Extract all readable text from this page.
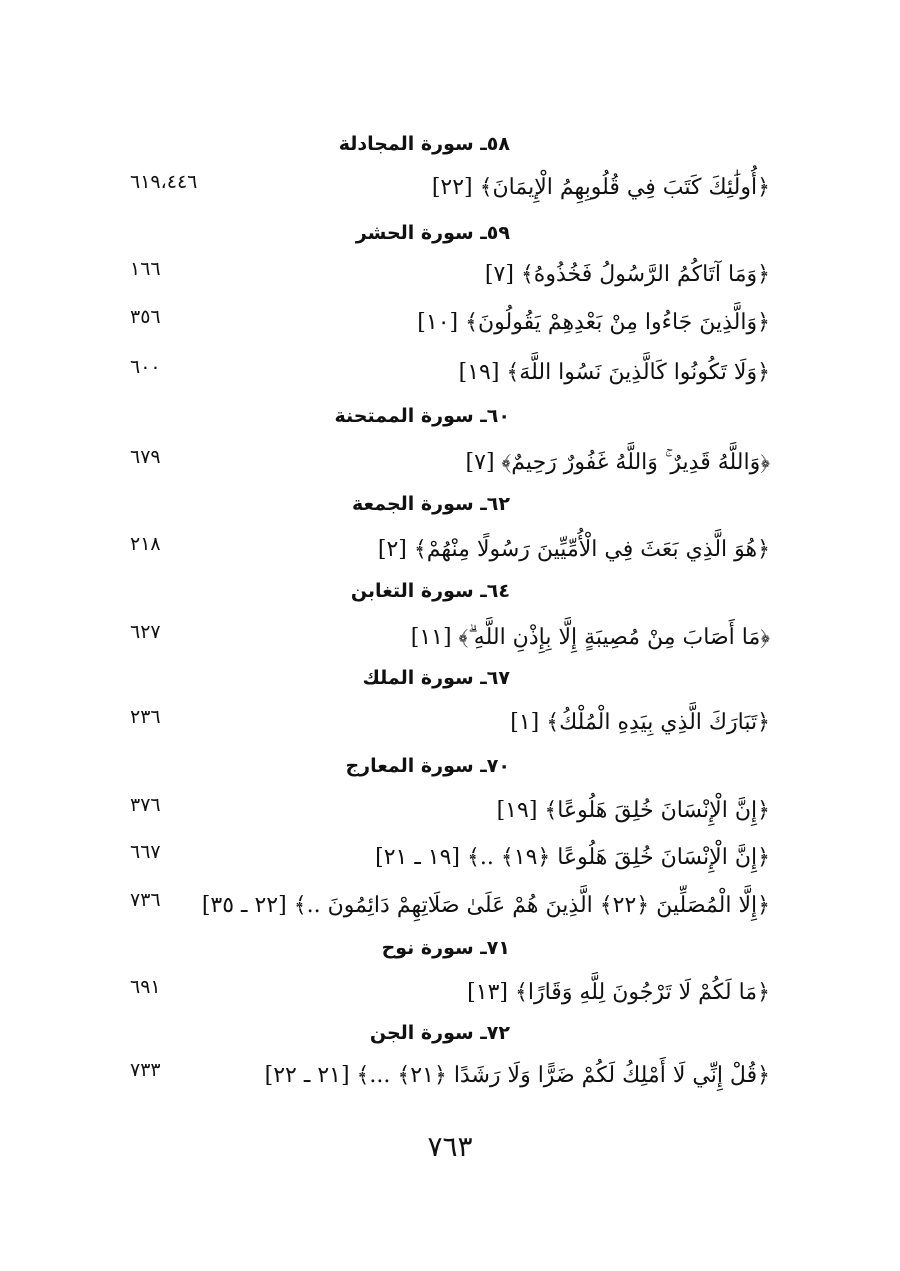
٥٨ـ سورة المجادلة
﴿أُولَٰئِكَ كَتَبَ فِي قُلُوبِهِمُ الْإِيمَانَ﴾ [٢٢]
٦١٩،٤٤٦
٥٩ـ سورة الحشر
﴿وَمَا آتَاكُمُ الرَّسُولُ فَخُذُوهُ﴾ [٧]
١٦٦
﴿وَالَّذِينَ جَاءُوا مِنْ بَعْدِهِمْ يَقُولُونَ﴾ [١٠]
٣٥٦
﴿وَلَا تَكُونُوا كَالَّذِينَ نَسُوا اللَّهَ﴾ [١٩]
٦٠٠
٦٠ـ سورة الممتحنة
﴿وَاللَّهُ قَدِيرٌ ۚ وَاللَّهُ غَفُورٌ رَحِيمٌ﴾ [٧]
٦٧٩
٦٢ـ سورة الجمعة
﴿هُوَ الَّذِي بَعَثَ فِي الْأُمِّيِّينَ رَسُولًا مِنْهُمْ﴾ [٢]
٢١٨
٦٤ـ سورة التغابن
﴿مَا أَصَابَ مِنْ مُصِيبَةٍ إِلَّا بِإِذْنِ اللَّهِ ۗ﴾ [١١]
٦٢٧
٦٧ـ سورة الملك
﴿تَبَارَكَ الَّذِي بِيَدِهِ الْمُلْكُ﴾ [١]
٢٣٦
٧٠ـ سورة المعارج
﴿إِنَّ الْإِنْسَانَ خُلِقَ هَلُوعًا﴾ [١٩]
٣٧٦
﴿إِنَّ الْإِنْسَانَ خُلِقَ هَلُوعًا ﴿١٩﴾ ..﴾ [١٩ ـ ٢١]
٦٦٧
﴿إِلَّا الْمُصَلِّينَ ﴿٢٢﴾ الَّذِينَ هُمْ عَلَىٰ صَلَاتِهِمْ دَائِمُونَ ..﴾ [٢٢ ـ ٣٥]
٧٣٦
٧١ـ سورة نوح
﴿مَا لَكُمْ لَا تَرْجُونَ لِلَّهِ وَقَارًا﴾ [١٣]
٦٩١
٧٢ـ سورة الجن
﴿قُلْ إِنِّي لَا أَمْلِكُ لَكُمْ ضَرًّا وَلَا رَشَدًا ﴿٢١﴾ ...﴾ [٢١ ـ ٢٢]
٧٣٣
٧٦٣
